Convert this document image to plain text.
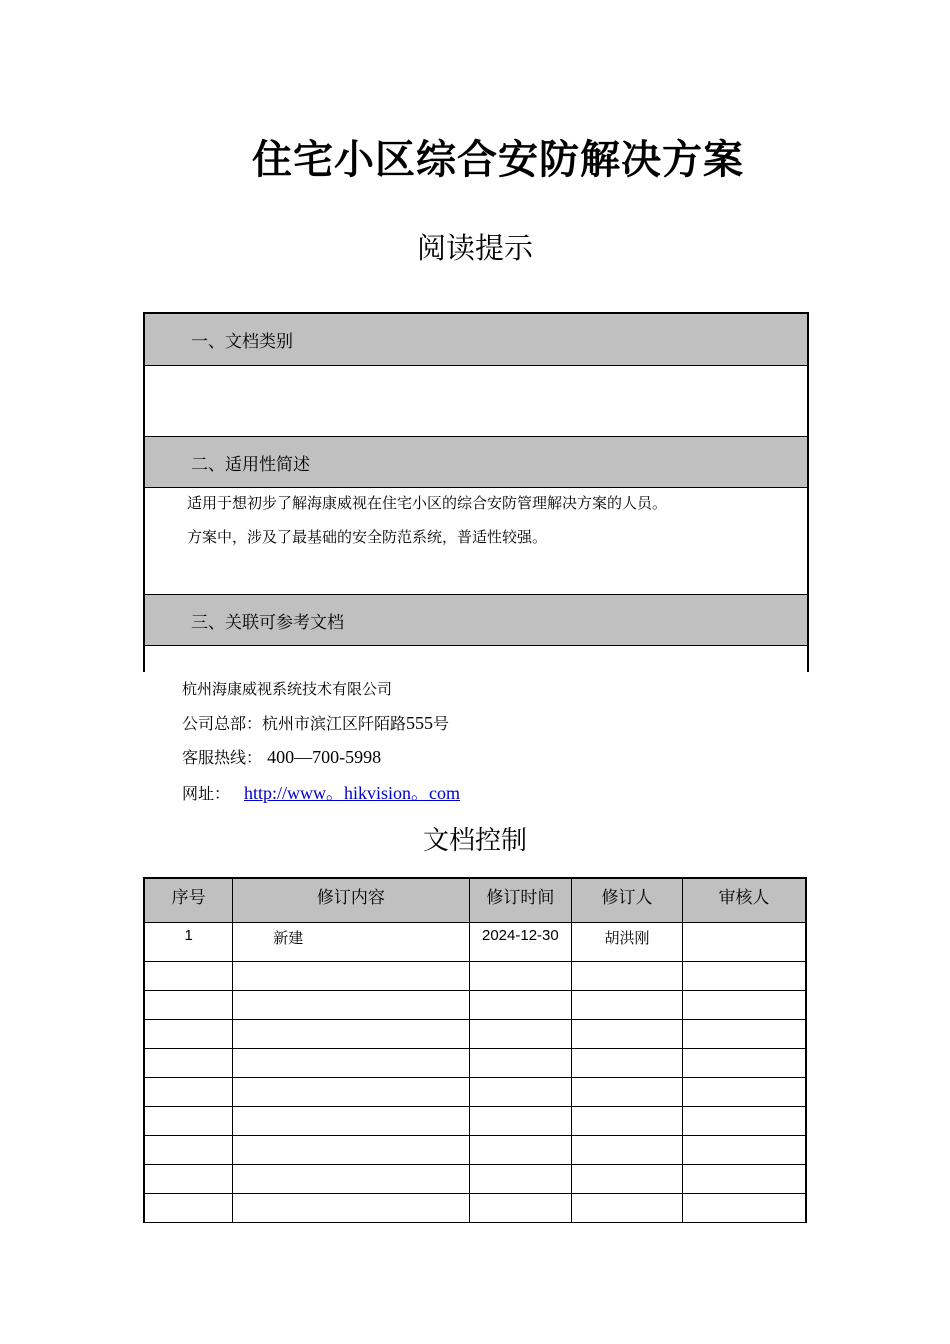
住宅小区综合安防解决方案
阅读提示
一、文档类别
二、适用性简述
适用于想初步了解海康威视在住宅小区的综合安防管理解决方案的人员。
方案中，涉及了最基础的安全防范系统，普适性较强。
三、关联可参考文档
杭州海康威视系统技术有限公司
公司总部：杭州市滨江区阡陌路555号
客服热线： 400—700-5998
网址： http://www。hikvision。com
文档控制
序号	修订内容	修订时间	修订人	审核人
1	新建	2024-12-30	胡洪刚	
